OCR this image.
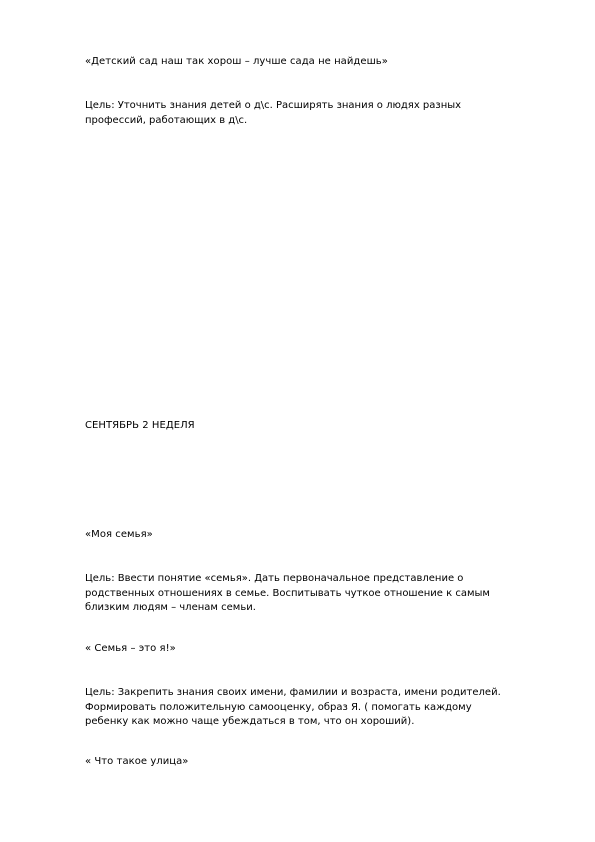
«Детский сад наш так хорош – лучше сада не найдешь»
Цель: Уточнить знания детей о д\с. Расширять знания о людях разных
профессий, работающих в д\с.
СЕНТЯБРЬ 2 НЕДЕЛЯ
«Моя семья»
Цель: Ввести понятие «семья». Дать первоначальное представление о
родственных отношениях в семье. Воспитывать чуткое отношение к самым
близким людям – членам семьи.
« Семья – это я!»
Цель: Закрепить знания своих имени, фамилии и возраста, имени родителей.
Формировать положительную самооценку, образ Я. ( помогать каждому
ребенку как можно чаще убеждаться в том, что он хороший).
« Что такое улица»
